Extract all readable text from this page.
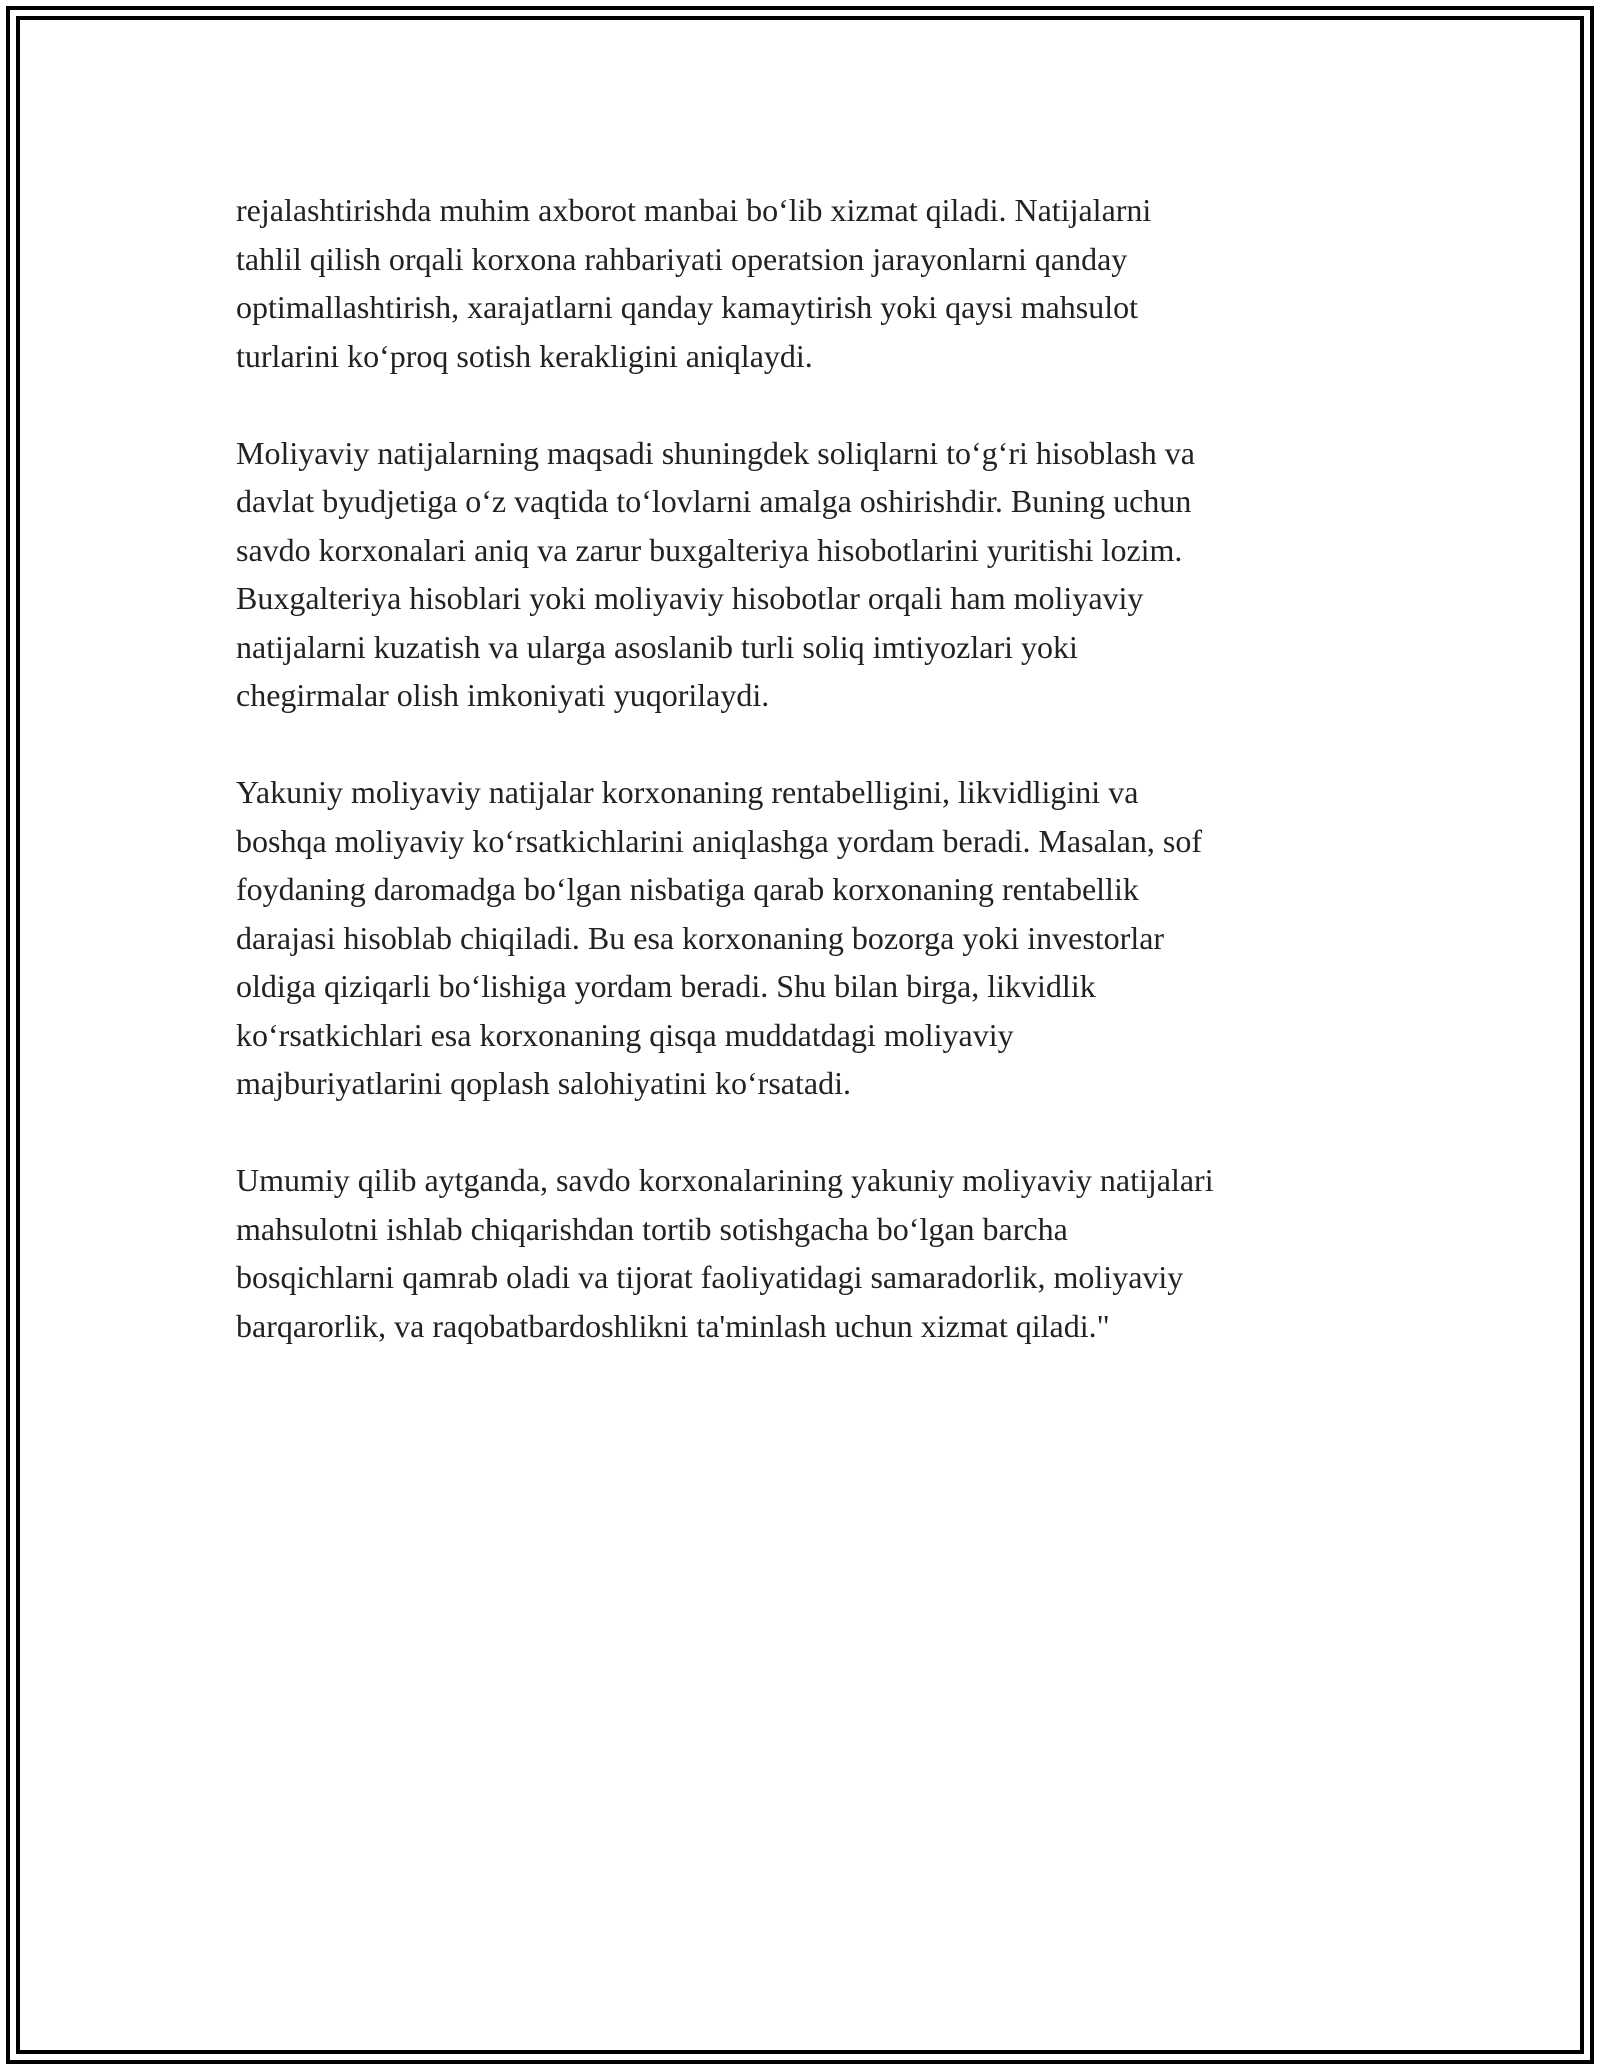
rejalashtirishda muhim axborot manbai bo‘lib xizmat qiladi. Natijalarni
tahlil qilish orqali korxona rahbariyati operatsion jarayonlarni qanday
optimallashtirish, xarajatlarni qanday kamaytirish yoki qaysi mahsulot
turlarini ko‘proq sotish kerakligini aniqlaydi.

Moliyaviy natijalarning maqsadi shuningdek soliqlarni to‘g‘ri hisoblash va
davlat byudjetiga o‘z vaqtida to‘lovlarni amalga oshirishdir. Buning uchun
savdo korxonalari aniq va zarur buxgalteriya hisobotlarini yuritishi lozim.
Buxgalteriya hisoblari yoki moliyaviy hisobotlar orqali ham moliyaviy
natijalarni kuzatish va ularga asoslanib turli soliq imtiyozlari yoki
chegirmalar olish imkoniyati yuqorilaydi.

Yakuniy moliyaviy natijalar korxonaning rentabelligini, likvidligini va
boshqa moliyaviy ko‘rsatkichlarini aniqlashga yordam beradi. Masalan, sof
foydaning daromadga bo‘lgan nisbatiga qarab korxonaning rentabellik
darajasi hisoblab chiqiladi. Bu esa korxonaning bozorga yoki investorlar
oldiga qiziqarli bo‘lishiga yordam beradi. Shu bilan birga, likvidlik
ko‘rsatkichlari esa korxonaning qisqa muddatdagi moliyaviy
majburiyatlarini qoplash salohiyatini ko‘rsatadi.

Umumiy qilib aytganda, savdo korxonalarining yakuniy moliyaviy natijalari
mahsulotni ishlab chiqarishdan tortib sotishgacha bo‘lgan barcha
bosqichlarni qamrab oladi va tijorat faoliyatidagi samaradorlik, moliyaviy
barqarorlik, va raqobatbardoshlikni ta'minlash uchun xizmat qiladi."
